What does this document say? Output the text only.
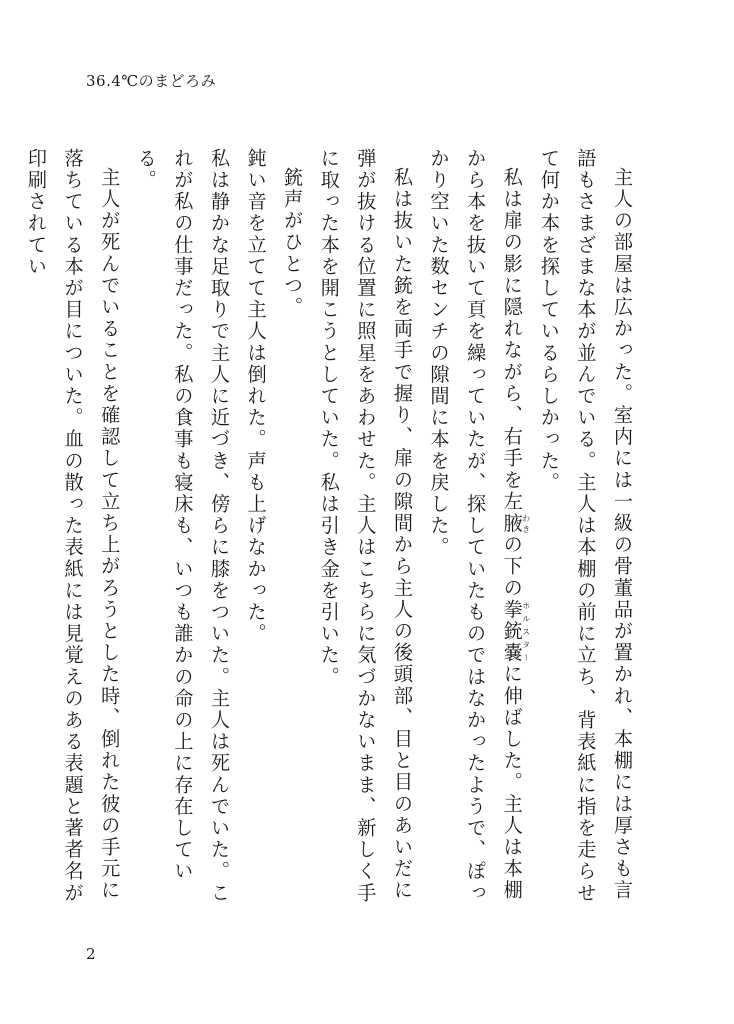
36.4℃のまどろみ

主人の部屋は広かった。室内には一級の骨董品が置かれ、本棚には厚さも言語もさまざまな本が並んでいる。主人は本棚の前に立ち、背表紙に指を走らせて何か本を探しているらしかった。

私は扉の影に隠れながら、右手を左腋わきの下の拳銃嚢ホルスターに伸ばした。主人は本棚から本を抜いて頁を繰っていたが、探していたものではなかったようで、ぽっかり空いた数センチの隙間に本を戻した。

私は抜いた銃を両手で握り、扉の隙間から主人の後頭部、目と目のあいだに弾が抜ける位置に照星をあわせた。主人はこちらに気づかないまま、新しく手に取った本を開こうとしていた。私は引き金を引いた。

銃声がひとつ。

鈍い音を立てて主人は倒れた。声も上げなかった。

私は静かな足取りで主人に近づき、傍らに膝をついた。主人は死んでいた。これが私の仕事だった。私の食事も寝床も、いつも誰かの命の上に存在している。

主人が死んでいることを確認して立ち上がろうとした時、倒れた彼の手元に落ちている本が目についた。血の散った表紙には見覚えのある表題と著者名が印刷されてい

2
